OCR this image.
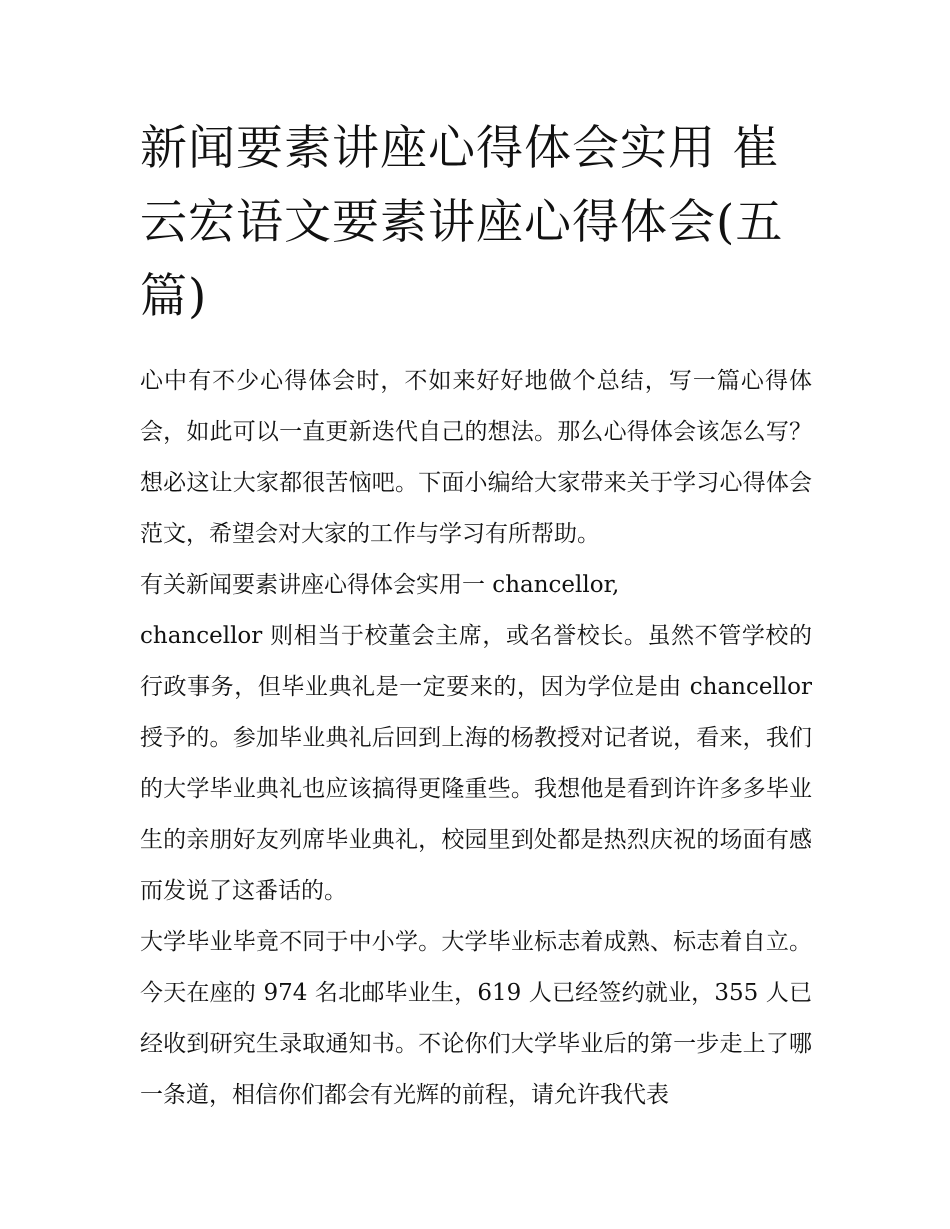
新闻要素讲座心得体会实用 崔云宏语文要素讲座心得体会(五篇)

心中有不少心得体会时，不如来好好地做个总结，写一篇心得体会，如此可以一直更新迭代自己的想法。那么心得体会该怎么写？想必这让大家都很苦恼吧。下面小编给大家带来关于学习心得体会范文，希望会对大家的工作与学习有所帮助。

有关新闻要素讲座心得体会实用一 chancellor,

chancellor 则相当于校董会主席，或名誉校长。虽然不管学校的行政事务，但毕业典礼是一定要来的，因为学位是由 chancellor 授予的。参加毕业典礼后回到上海的杨教授对记者说，看来，我们的大学毕业典礼也应该搞得更隆重些。我想他是看到许许多多毕业生的亲朋好友列席毕业典礼，校园里到处都是热烈庆祝的场面有感而发说了这番话的。

大学毕业毕竟不同于中小学。大学毕业标志着成熟、标志着自立。今天在座的 974 名北邮毕业生，619 人已经签约就业，355 人已经收到研究生录取通知书。不论你们大学毕业后的第一步走上了哪一条道，相信你们都会有光辉的前程，请允许我代表
